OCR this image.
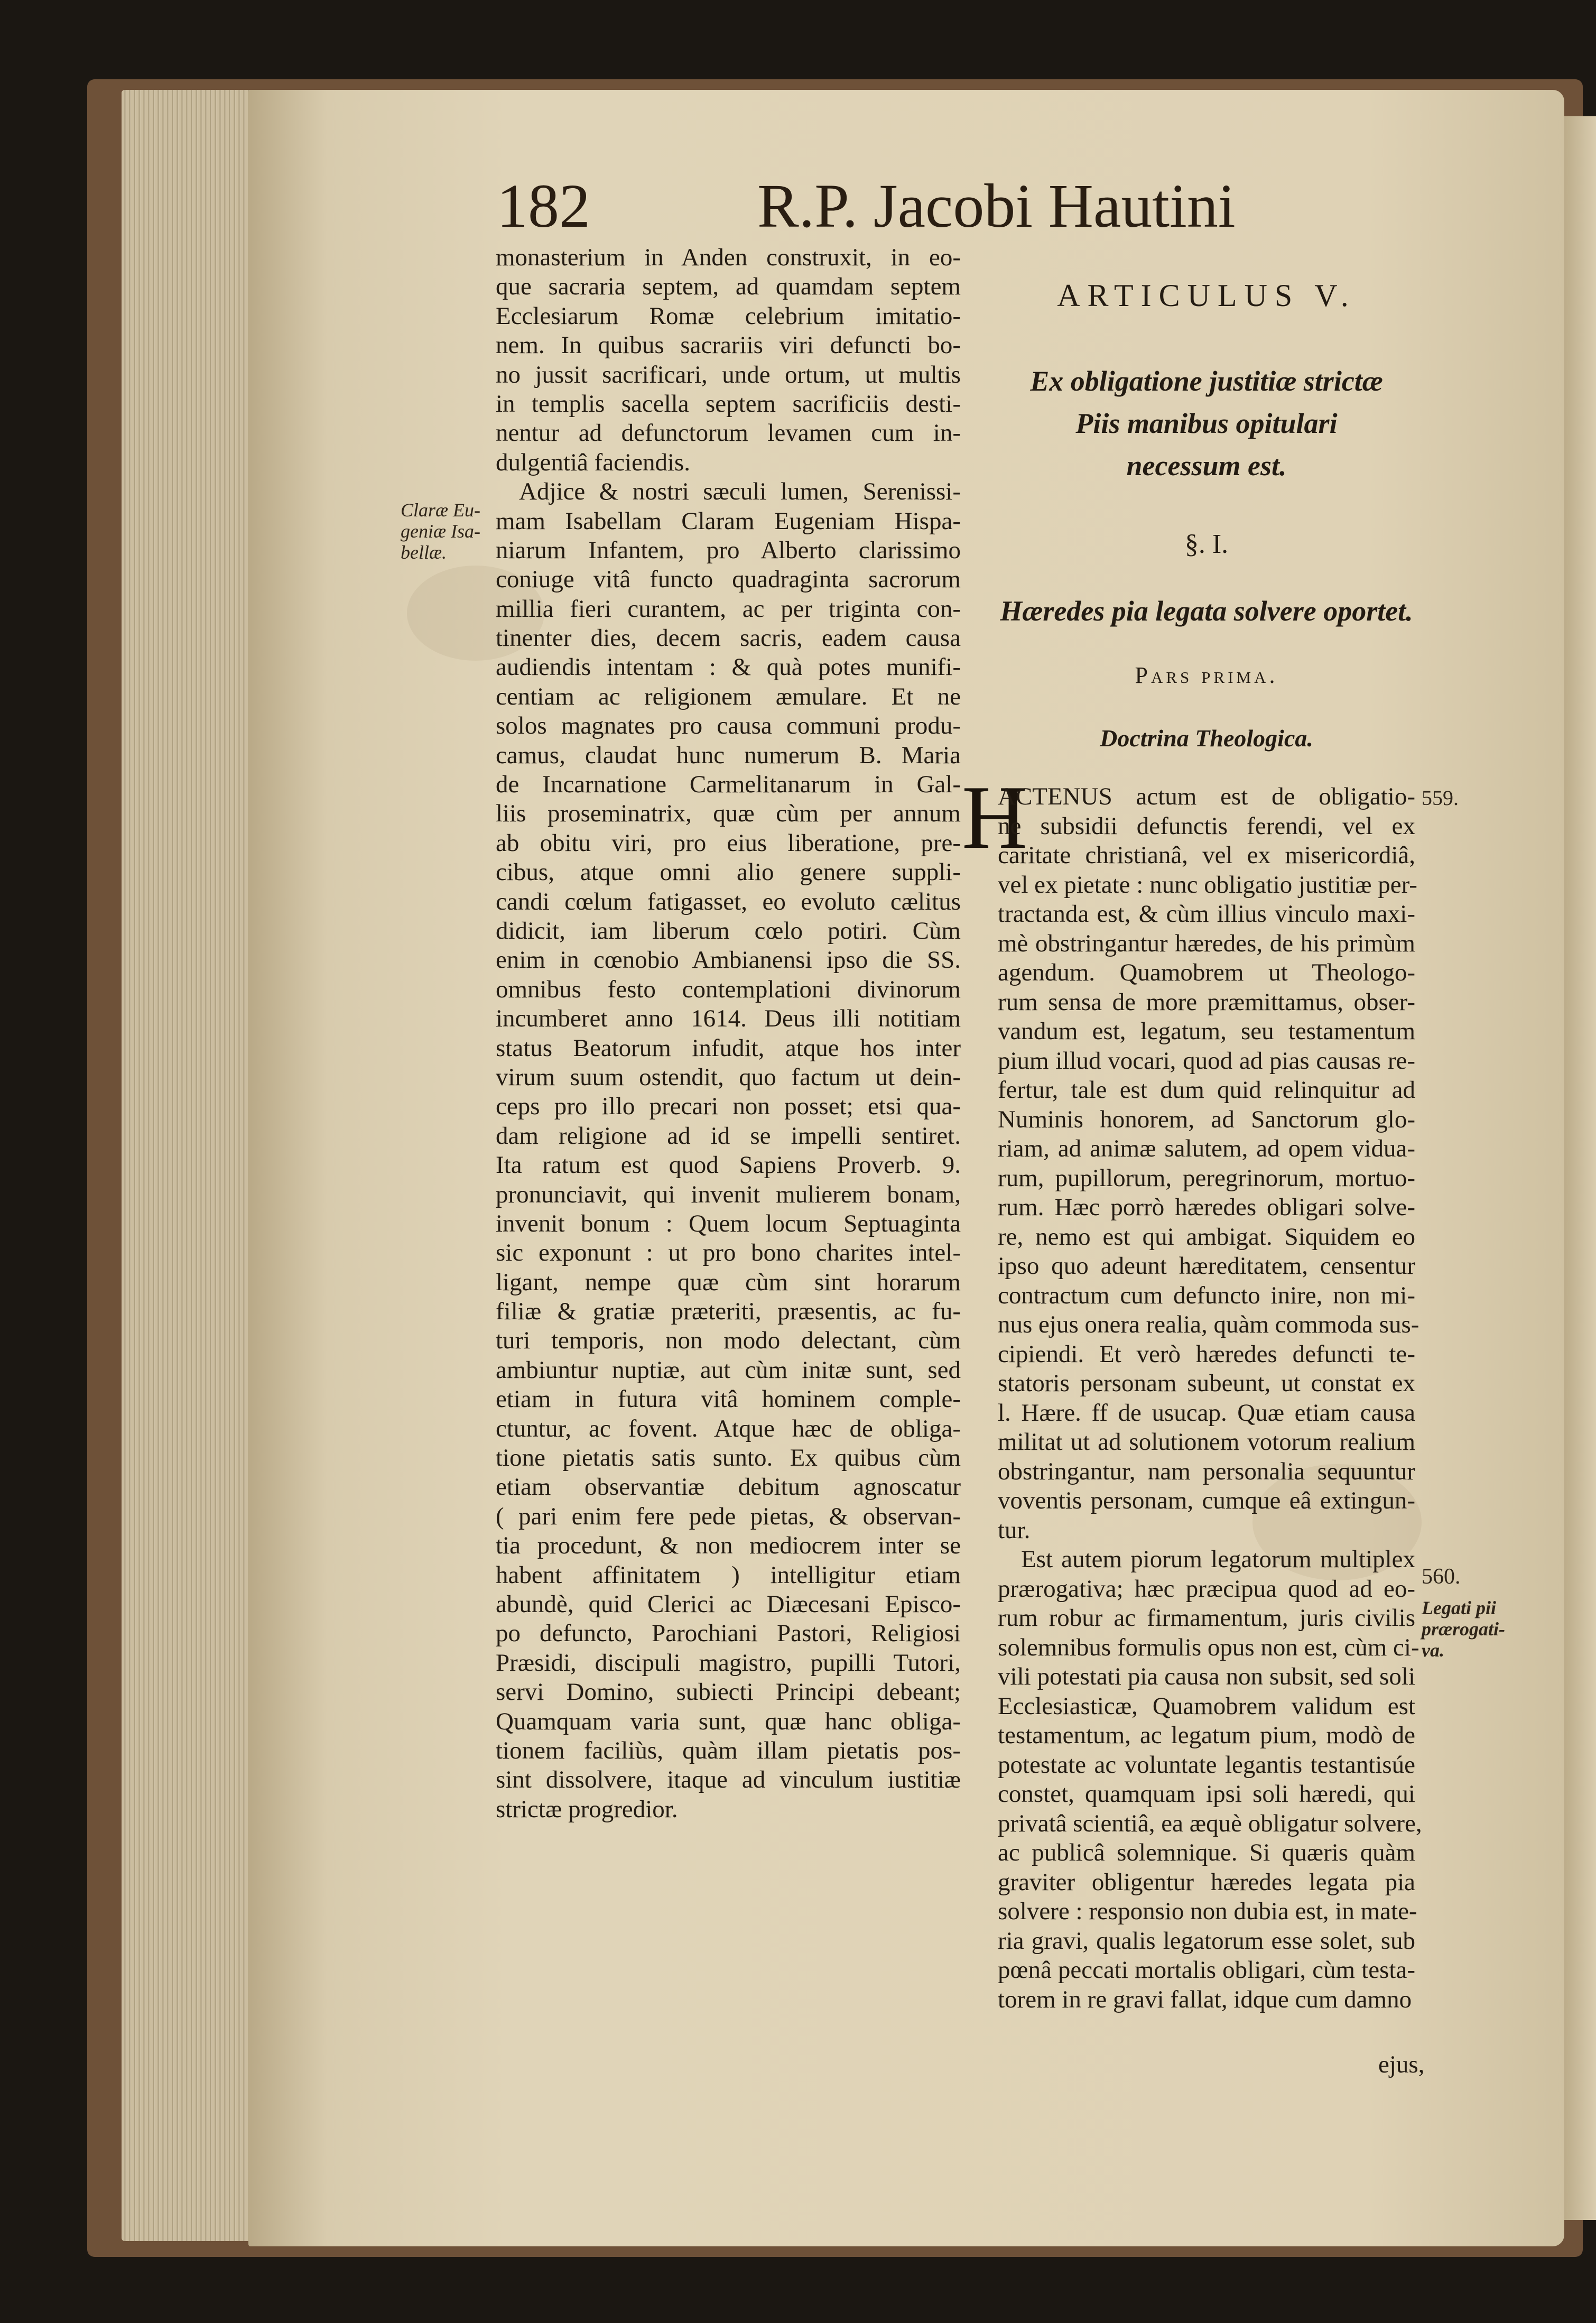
182	R.P. Jacobi Hautini
Claræ Eu-
geniæ Isa-
bellæ.
monasterium in Anden construxit, in eo-
que sacraria septem, ad quamdam septem
Ecclesiarum Romæ celebrium imitatio-
nem. In quibus sacrariis viri defuncti bo-
no jussit sacrificari, unde ortum, ut multis
in templis sacella septem sacrificiis desti-
nentur ad defunctorum levamen cum in-
dulgentiâ faciendis.
Adjice & nostri sæculi lumen, Serenissi-
mam Isabellam Claram Eugeniam Hispa-
niarum Infantem, pro Alberto clarissimo
coniuge vitâ functo quadraginta sacrorum
millia fieri curantem, ac per triginta con-
tinenter dies, decem sacris, eadem causa
audiendis intentam : & quà potes munifi-
centiam ac religionem æmulare. Et ne
solos magnates pro causa communi produ-
camus, claudat hunc numerum B. Maria
de Incarnatione Carmelitanarum in Gal-
liis proseminatrix, quæ cùm per annum
ab obitu viri, pro eius liberatione, pre-
cibus, atque omni alio genere suppli-
candi cœlum fatigasset, eo evoluto cælitus
didicit, iam liberum cœlo potiri. Cùm
enim in cœnobio Ambianensi ipso die SS.
omnibus festo contemplationi divinorum
incumberet anno 1614. Deus illi notitiam
status Beatorum infudit, atque hos inter
virum suum ostendit, quo factum ut dein-
ceps pro illo precari non posset; etsi qua-
dam religione ad id se impelli sentiret.
Ita ratum est quod Sapiens Proverb. 9.
pronunciavit, qui invenit mulierem bonam,
invenit bonum : Quem locum Septuaginta
sic exponunt : ut pro bono charites intel-
ligant, nempe quæ cùm sint horarum
filiæ & gratiæ præteriti, præsentis, ac fu-
turi temporis, non modo delectant, cùm
ambiuntur nuptiæ, aut cùm initæ sunt, sed
etiam in futura vitâ hominem comple-
ctuntur, ac fovent. Atque hæc de obliga-
tione pietatis satis sunto. Ex quibus cùm
etiam observantiæ debitum agnoscatur
( pari enim fere pede pietas, & observan-
tia procedunt, & non mediocrem inter se
habent affinitatem ) intelligitur etiam
abundè, quid Clerici ac Diæcesani Episco-
po defuncto, Parochiani Pastori, Religiosi
Præsidi, discipuli magistro, pupilli Tutori,
servi Domino, subiecti Principi debeant;
Quamquam varia sunt, quæ hanc obliga-
tionem faciliùs, quàm illam pietatis pos-
sint dissolvere, itaque ad vinculum iustitiæ
strictæ progredior.
ARTICULUS V.
Ex obligatione justitiæ strictæ
Piis manibus opitulari
necessum est.
§. I.
Hæredes pia legata solvere oportet.
Pars prima.
Doctrina Theologica.
H
ACTENUS actum est de obligatio-
ne subsidii defunctis ferendi, vel ex
caritate christianâ, vel ex misericordiâ,
vel ex pietate : nunc obligatio justitiæ per-
tractanda est, & cùm illius vinculo maxi-
mè obstringantur hæredes, de his primùm
agendum. Quamobrem ut Theologo-
rum sensa de more præmittamus, obser-
vandum est, legatum, seu testamentum
pium illud vocari, quod ad pias causas re-
fertur, tale est dum quid relinquitur ad
Numinis honorem, ad Sanctorum glo-
riam, ad animæ salutem, ad opem vidua-
rum, pupillorum, peregrinorum, mortuo-
rum. Hæc porrò hæredes obligari solve-
re, nemo est qui ambigat. Siquidem eo
ipso quo adeunt hæreditatem, censentur
contractum cum defuncto inire, non mi-
nus ejus onera realia, quàm commoda sus-
cipiendi. Et verò hæredes defuncti te-
statoris personam subeunt, ut constat ex
l. Hære. ff de usucap. Quæ etiam causa
militat ut ad solutionem votorum realium
obstringantur, nam personalia sequuntur
voventis personam, cumque eâ extingun-
tur.
Est autem piorum legatorum multiplex
prærogativa; hæc præcipua quod ad eo-
rum robur ac firmamentum, juris civilis
solemnibus formulis opus non est, cùm ci-
vili potestati pia causa non subsit, sed soli
Ecclesiasticæ, Quamobrem validum est
testamentum, ac legatum pium, modò de
potestate ac voluntate legantis testantisúe
constet, quamquam ipsi soli hæredi, qui
privatâ scientiâ, ea æquè obligatur solvere,
ac publicâ solemnique. Si quæris quàm
graviter obligentur hæredes legata pia
solvere : responsio non dubia est, in mate-
ria gravi, qualis legatorum esse solet, sub
pœnâ peccati mortalis obligari, cùm testa-
torem in re gravi fallat, idque cum damno
559.
560.
Legati pii
prærogati-
va.
ejus,
